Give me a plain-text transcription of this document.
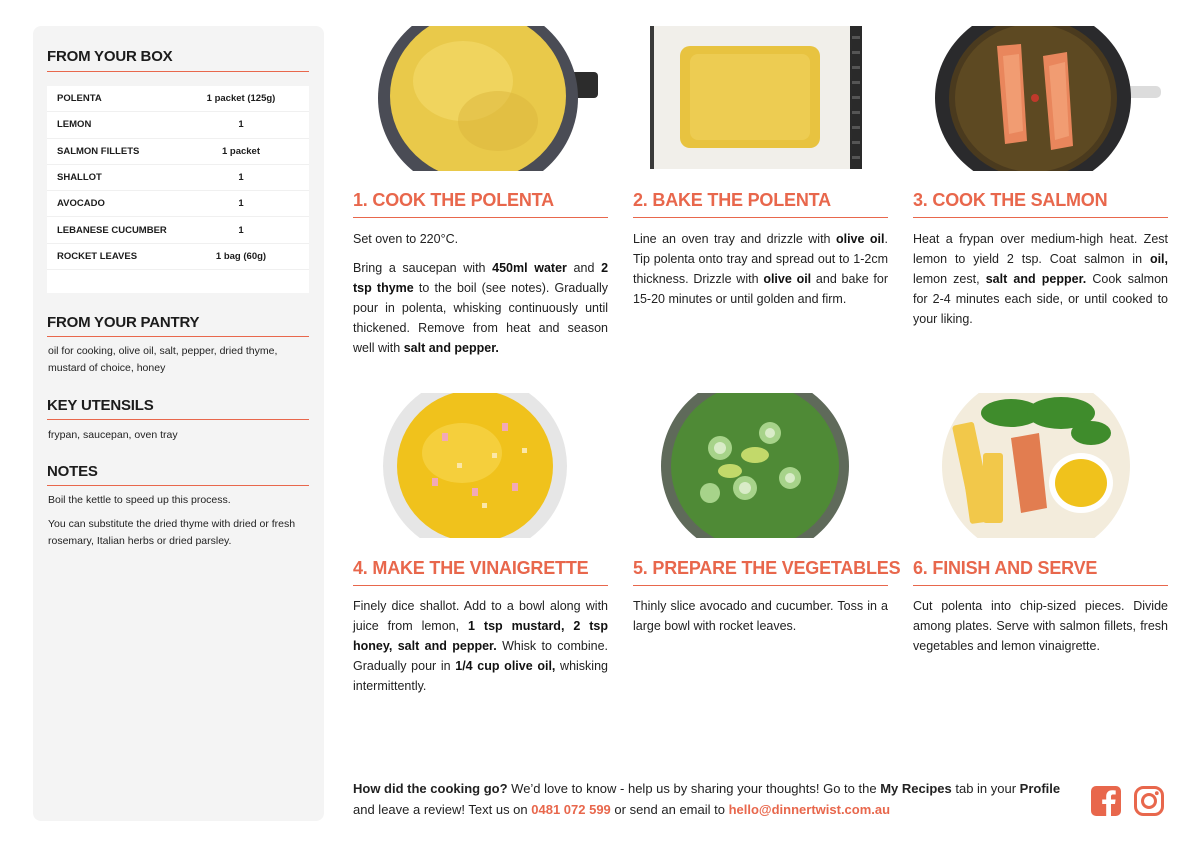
FROM YOUR BOX
POLENTA	1 packet (125g)
LEMON	1
SALMON FILLETS	1 packet
SHALLOT	1
AVOCADO	1
LEBANESE CUCUMBER	1
ROCKET LEAVES	1 bag (60g)
FROM YOUR PANTRY
oil for cooking, olive oil, salt, pepper, dried thyme, mustard of choice, honey
KEY UTENSILS
frypan, saucepan, oven tray
NOTES
Boil the kettle to speed up this process.
You can substitute the dried thyme with dried or fresh rosemary, Italian herbs or dried parsley.
1. COOK THE POLENTA

Set oven to 220°C.

Bring a saucepan with 450ml water and 2 tsp thyme to the boil (see notes). Gradually pour in polenta, whisking continuously until thickened. Remove from heat and season well with salt and pepper.

2. BAKE THE POLENTA

Line an oven tray and drizzle with olive oil. Tip polenta onto tray and spread out to 1-2cm thickness. Drizzle with olive oil and bake for 15-20 minutes or until golden and firm.

3. COOK THE SALMON

Heat a frypan over medium-high heat. Zest lemon to yield 2 tsp. Coat salmon in oil, lemon zest, salt and pepper. Cook salmon for 2-4 minutes each side, or until cooked to your liking.

4. MAKE THE VINAIGRETTE

Finely dice shallot. Add to a bowl along with juice from lemon, 1 tsp mustard, 2 tsp honey, salt and pepper. Whisk to combine. Gradually pour in 1/4 cup olive oil, whisking intermittently.

5. PREPARE THE VEGETABLES

Thinly slice avocado and cucumber. Toss in a large bowl with rocket leaves.

6. FINISH AND SERVE

Cut polenta into chip-sized pieces. Divide among plates. Serve with salmon fillets, fresh vegetables and lemon vinaigrette.

How did the cooking go? We’d love to know - help us by sharing your thoughts! Go to the My Recipes tab in your Profile and leave a review! Text us on 0481 072 599 or send an email to hello@dinnertwist.com.au
